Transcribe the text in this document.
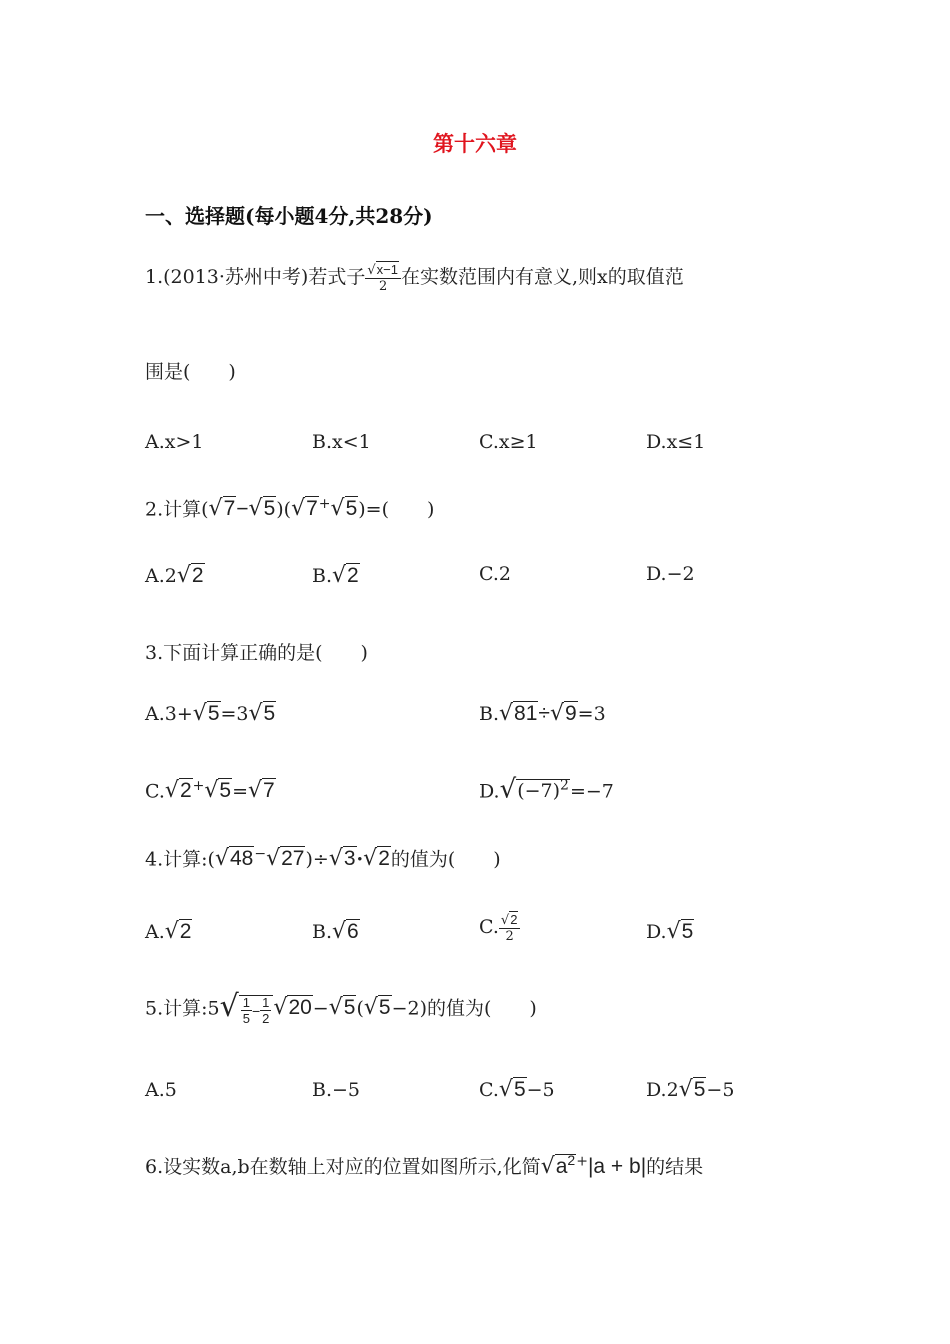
第十六章
一、选择题(每小题4分,共28分)
1.(2013·苏州中考)若式子 $\frac{√x-1}{2}$ 在实数范围内有意义,则x的取值范
围是(　　)
A.x>1	B.x<1	C.x≥1	D.x≤1
2.计算(√7−√5)(√7+√5)=(　　)
A.2√2	B.√2	C.2	D.−2
3.下面计算正确的是(　　)
A.3+√5=3√5	B.√81÷√9=3
C.√2+√5=√7	$D.√(-7)^2=-7$
4.计算:(√48−√27)÷√3·√2的值为(　　)
A.√2	B.√6	C. $\frac{√2}{2}$	D.√5
5.计算:5√ $\frac{1}{5} - \frac{1}{2} √20-√5(√5-2)$的值为(　　)
A.5	B.−5	C.√5−5	D.2√5−5
6.设实数a,b在数轴上对应的位置如图所示,化简$√a^{2+}|a + b|$的结果
